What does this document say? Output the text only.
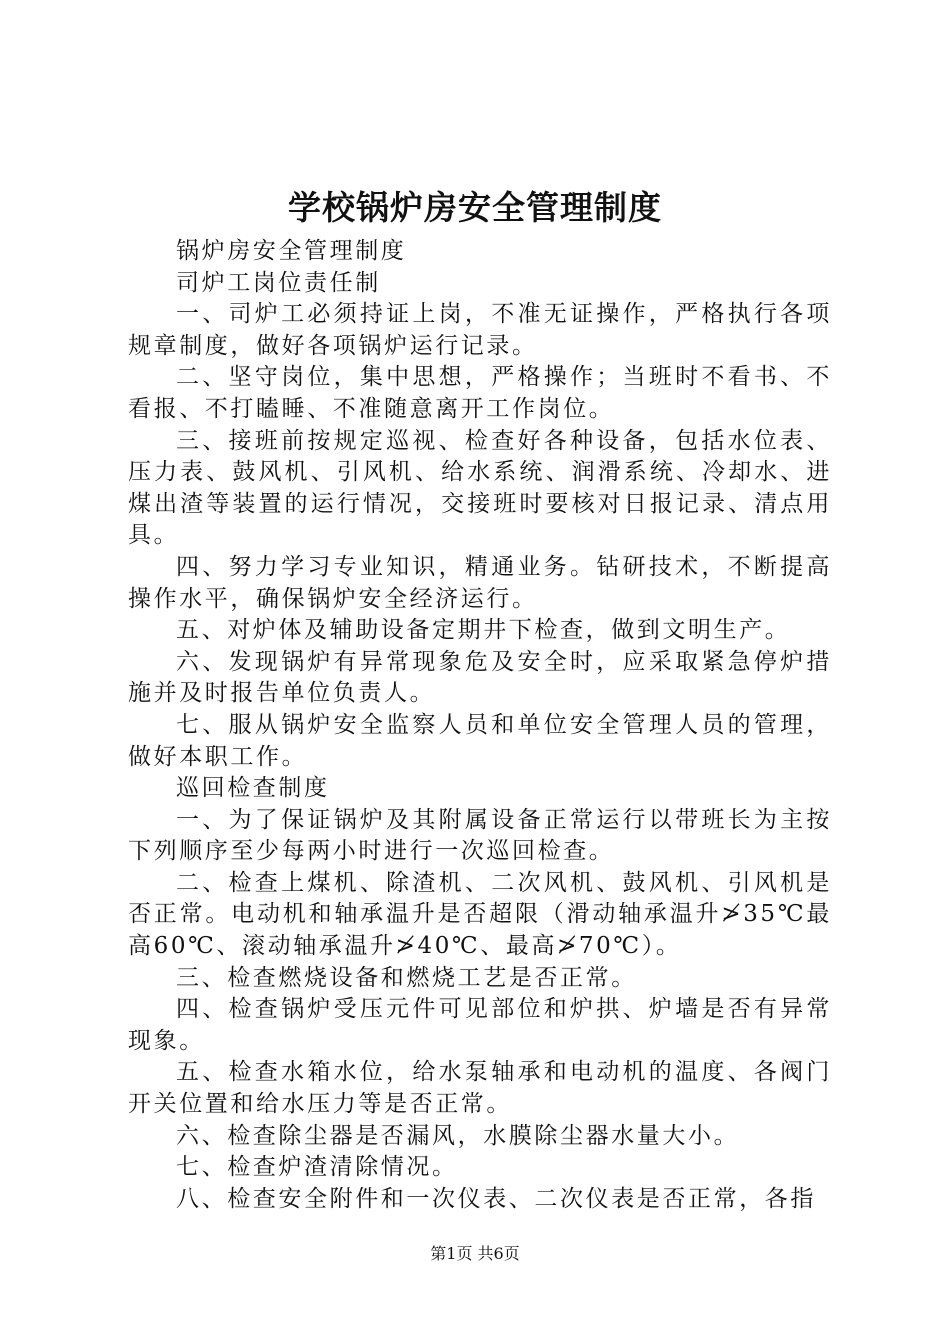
学校锅炉房安全管理制度

锅炉房安全管理制度

司炉工岗位责任制

一、司炉工必须持证上岗，不准无证操作，严格执行各项规章制度，做好各项锅炉运行记录。

二、坚守岗位，集中思想，严格操作；当班时不看书、不看报、不打瞌睡、不准随意离开工作岗位。

三、接班前按规定巡视、检查好各种设备，包括水位表、压力表、鼓风机、引风机、给水系统、润滑系统、冷却水、进煤出渣等装置的运行情况，交接班时要核对日报记录、清点用具。

四、努力学习专业知识，精通业务。钻研技术，不断提高操作水平，确保锅炉安全经济运行。

五、对炉体及辅助设备定期井下检查，做到文明生产。

六、发现锅炉有异常现象危及安全时，应采取紧急停炉措施并及时报告单位负责人。

七、服从锅炉安全监察人员和单位安全管理人员的管理，做好本职工作。

巡回检查制度

一、为了保证锅炉及其附属设备正常运行以带班长为主按下列顺序至少每两小时进行一次巡回检查。

二、检查上煤机、除渣机、二次风机、鼓风机、引风机是否正常。电动机和轴承温升是否超限（滑动轴承温升≯35℃最高60℃、滚动轴承温升≯40℃、最高≯70℃）。

三、检查燃烧设备和燃烧工艺是否正常。

四、检查锅炉受压元件可见部位和炉拱、炉墙是否有异常现象。

五、检查水箱水位，给水泵轴承和电动机的温度、各阀门开关位置和给水压力等是否正常。

六、检查除尘器是否漏风，水膜除尘器水量大小。

七、检查炉渣清除情况。

八、检查安全附件和一次仪表、二次仪表是否正常，各指

第1页 共6页
